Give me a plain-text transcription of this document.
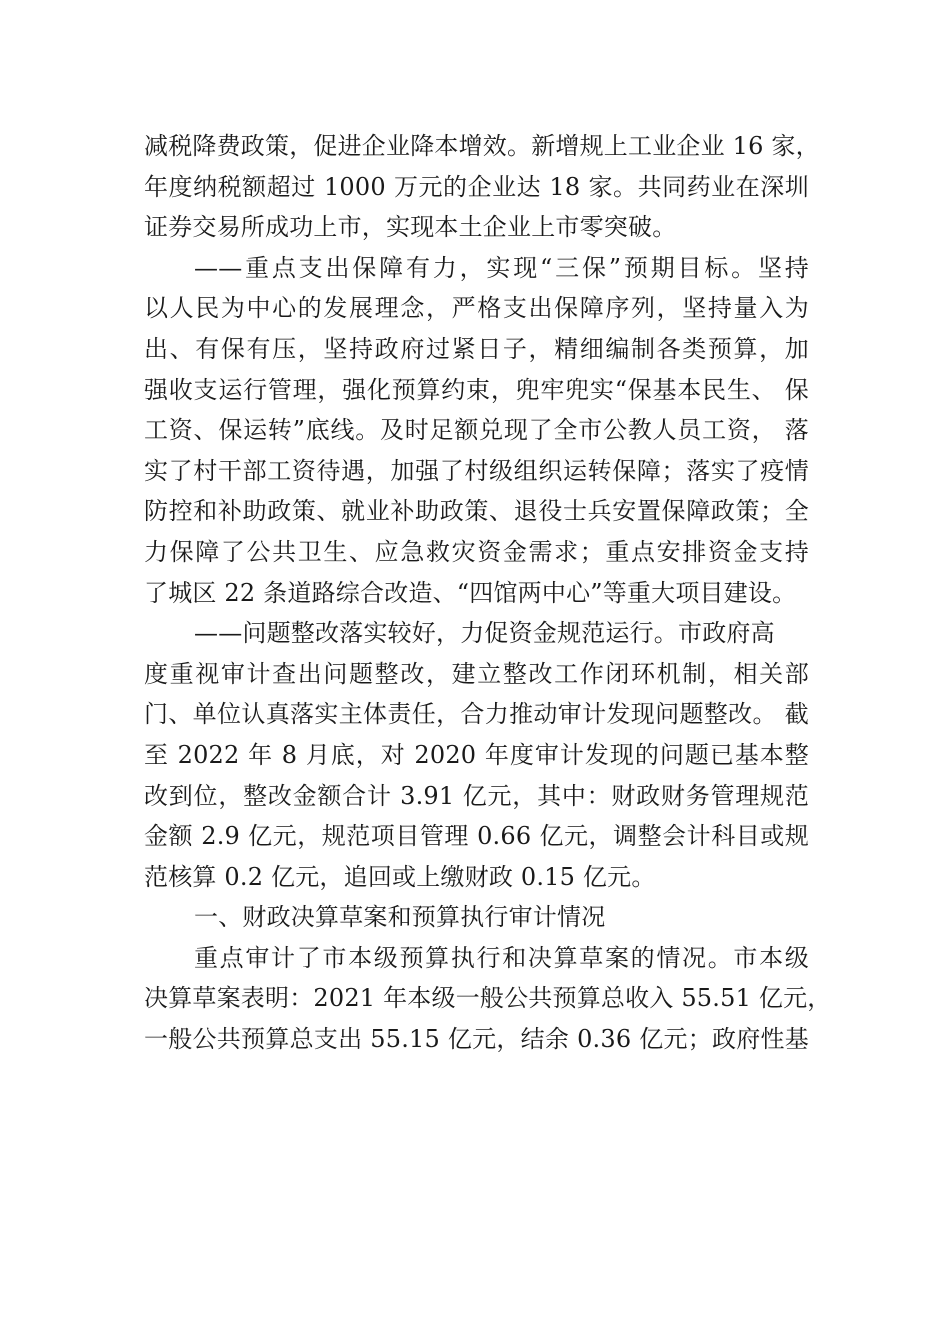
减税降费政策，促进企业降本增效。新增规上工业企业 16 家，
年度纳税额超过 1000 万元的企业达 18 家。共同药业在深圳
证券交易所成功上市，实现本土企业上市零突破。
——重点支出保障有力，实现“三保”预期目标。坚持
以人民为中心的发展理念，严格支出保障序列，坚持量入为
出、有保有压，坚持政府过紧日子，精细编制各类预算，加
强收支运行管理，强化预算约束，兜牢兜实“保基本民生、 保
工资、保运转”底线。及时足额兑现了全市公教人员工资， 落
实了村干部工资待遇，加强了村级组织运转保障；落实了疫情
防控和补助政策、就业补助政策、退役士兵安置保障政策；全
力保障了公共卫生、应急救灾资金需求；重点安排资金支持
了城区 22 条道路综合改造、“四馆两中心”等重大项目建设。
——问题整改落实较好，力促资金规范运行。市政府高
度重视审计查出问题整改，建立整改工作闭环机制，相关部
门、单位认真落实主体责任，合力推动审计发现问题整改。 截
至 2022 年 8 月底，对 2020 年度审计发现的问题已基本整
改到位，整改金额合计 3.91 亿元，其中：财政财务管理规范
金额 2.9 亿元，规范项目管理 0.66 亿元，调整会计科目或规
范核算 0.2 亿元，追回或上缴财政 0.15 亿元。
一、财政决算草案和预算执行审计情况
重点审计了市本级预算执行和决算草案的情况。市本级
决算草案表明：2021 年本级一般公共预算总收入 55.51 亿元，
一般公共预算总支出 55.15 亿元，结余 0.36 亿元；政府性基
